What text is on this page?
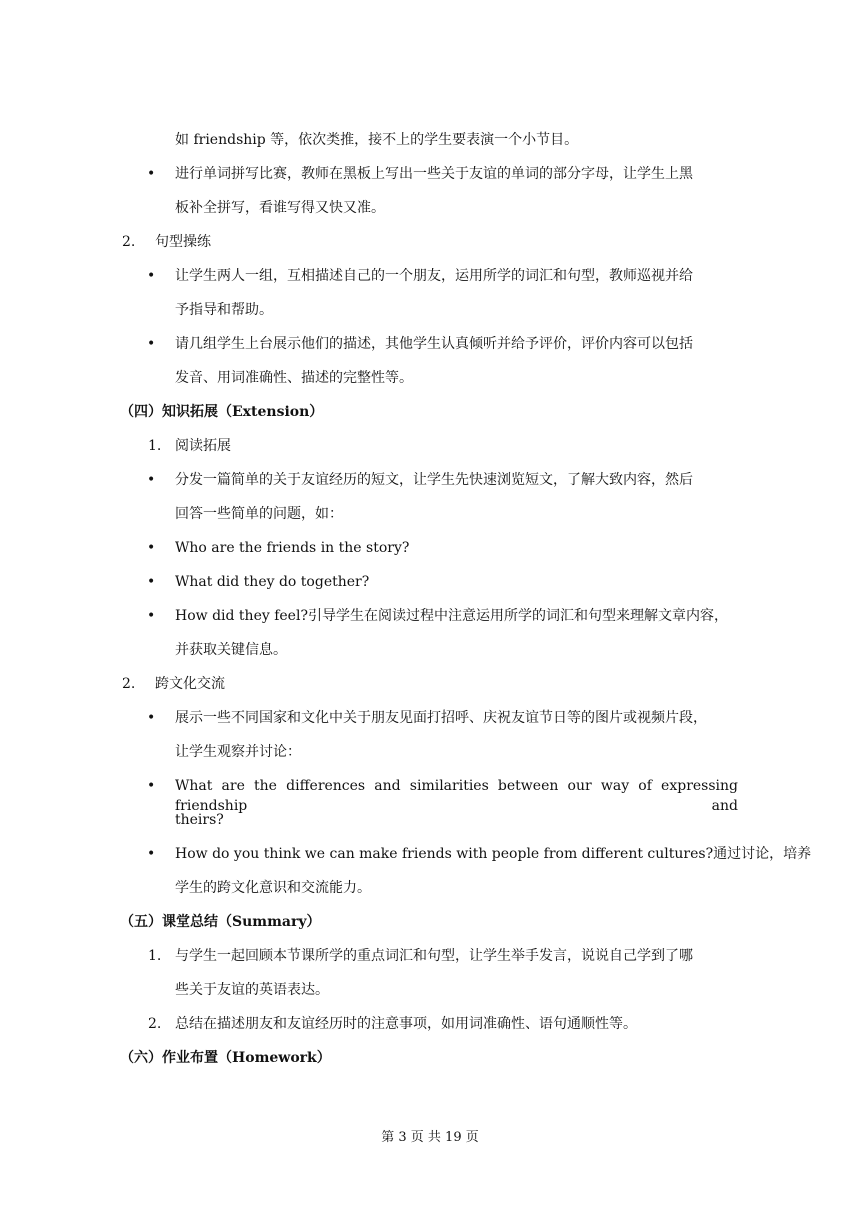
如 friendship 等，依次类推，接不上的学生要表演一个小节目。
• 进行单词拼写比赛，教师在黑板上写出一些关于友谊的单词的部分字母，让学生上黑
板补全拼写，看谁写得又快又准。
2. 句型操练
• 让学生两人一组，互相描述自己的一个朋友，运用所学的词汇和句型，教师巡视并给
予指导和帮助。
• 请几组学生上台展示他们的描述，其他学生认真倾听并给予评价，评价内容可以包括
发音、用词准确性、描述的完整性等。
（四）知识拓展（Extension）
1. 阅读拓展
• 分发一篇简单的关于友谊经历的短文，让学生先快速浏览短文，了解大致内容，然后
回答一些简单的问题，如：
• Who are the friends in the story?
• What did they do together?
• How did they feel?引导学生在阅读过程中注意运用所学的词汇和句型来理解文章内容，
并获取关键信息。
2. 跨文化交流
• 展示一些不同国家和文化中关于朋友见面打招呼、庆祝友谊节日等的图片或视频片段，
让学生观察并讨论：
• What are the differences and similarities between our way of expressing friendship and
theirs?
• How do you think we can make friends with people from different cultures?通过讨论，培养
学生的跨文化意识和交流能力。
（五）课堂总结（Summary）
1. 与学生一起回顾本节课所学的重点词汇和句型，让学生举手发言，说说自己学到了哪
些关于友谊的英语表达。
2. 总结在描述朋友和友谊经历时的注意事项，如用词准确性、语句通顺性等。
（六）作业布置（Homework）
第 3 页 共 19 页
